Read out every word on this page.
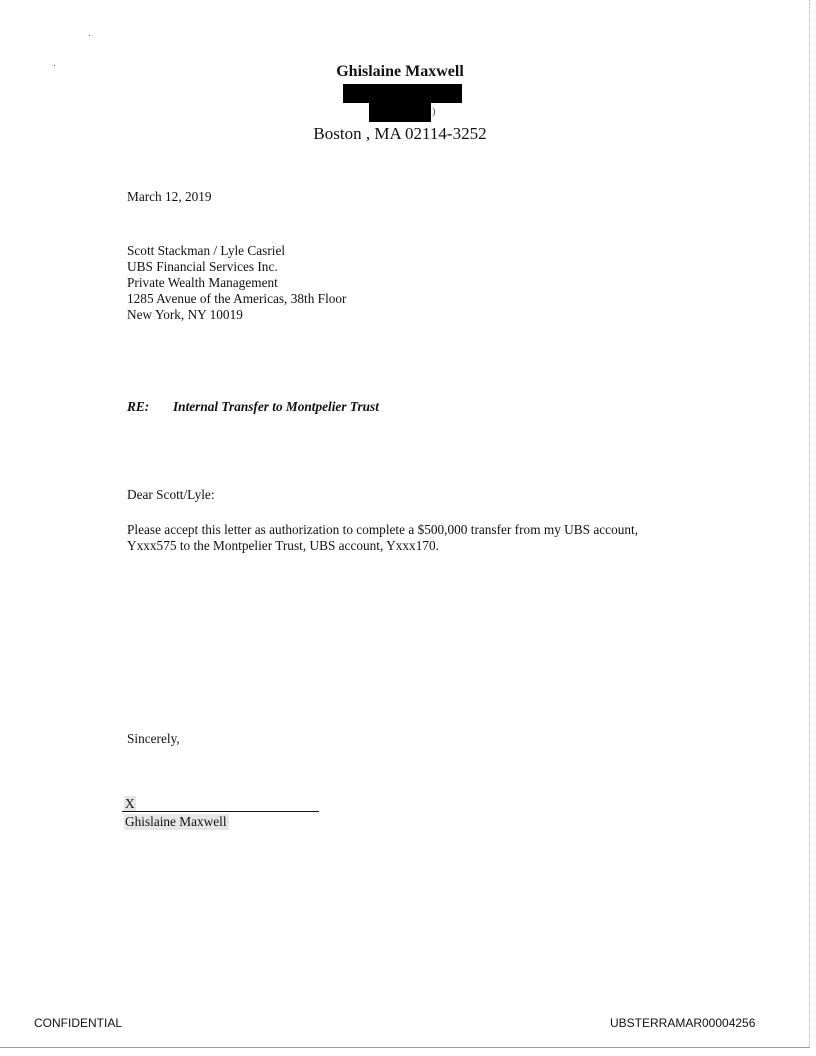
Ghislaine Maxwell
Boston , MA 02114-3252
March 12, 2019
Scott Stackman / Lyle Casriel
UBS Financial Services Inc.
Private Wealth Management
1285 Avenue of the Americas, 38th Floor
New York, NY 10019
RE: Internal Transfer to Montpelier Trust
Dear Scott/Lyle:
Please accept this letter as authorization to complete a $500,000 transfer from my UBS account, Yxxx575 to the Montpelier Trust, UBS account, Yxxx170.
Sincerely,
X
Ghislaine Maxwell
CONFIDENTIAL	UBSTERRAMAR00004256
